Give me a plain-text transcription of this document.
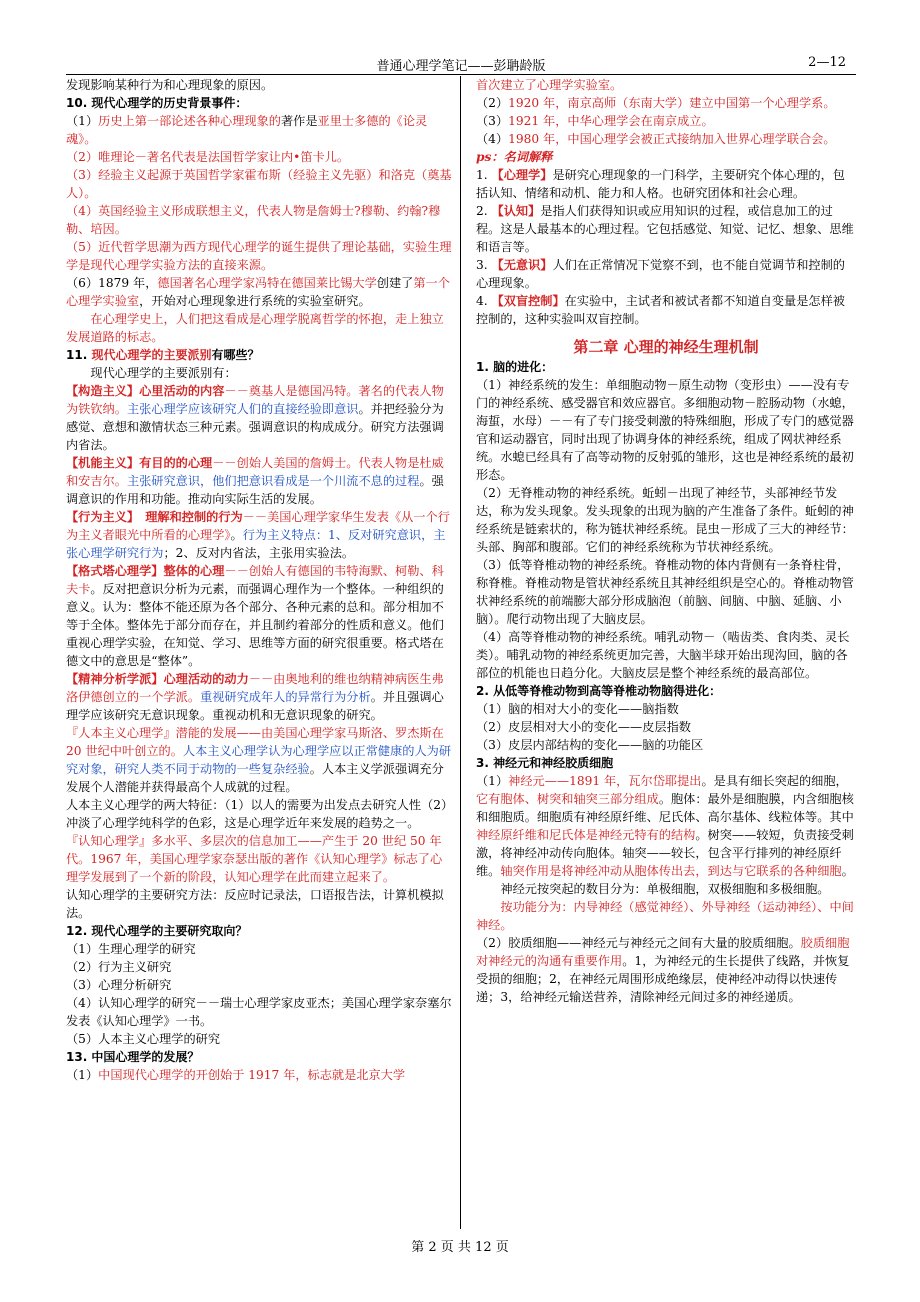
普通心理学笔记——彭聃龄版	2—12

发现影响某种行为和心理现象的原因。

10. 现代心理学的历史背景事件：

（1）历史上第一部论述各种心理现象的著作是亚里士多德的《论灵魂》。

（2）唯理论－著名代表是法国哲学家让内•笛卡儿。

（3）经验主义起源于英国哲学家霍布斯（经验主义先驱）和洛克（奠基人）。

（4）英国经验主义形成联想主义，代表人物是詹姆士?穆勒、约翰?穆勒、培因。

（5）近代哲学思潮为西方现代心理学的诞生提供了理论基础，实验生理学是现代心理学实验方法的直接来源。

（6）1879 年，德国著名心理学家冯特在德国莱比锡大学创建了第一个心理学实验室，开始对心理现象进行系统的实验室研究。

在心理学史上，人们把这看成是心理学脱离哲学的怀抱，走上独立发展道路的标志。

11. 现代心理学的主要派别有哪些？

现代心理学的主要派别有：

【构造主义】心里活动的内容－－奠基人是德国冯特。著名的代表人物为铁钦纳。主张心理学应该研究人们的直接经验即意识。并把经验分为感觉、意想和激情状态三种元素。强调意识的构成成分。研究方法强调内省法。

【机能主义】有目的的心理－－创始人美国的詹姆士。代表人物是杜威和安吉尔。主张研究意识，他们把意识看成是一个川流不息的过程。强调意识的作用和功能。推动向实际生活的发展。

【行为主义】　理解和控制的行为－－美国心理学家华生发表《从一个行为主义者眼光中所看的心理学》。行为主义特点：1、反对研究意识，主张心理学研究行为；2、反对内省法，主张用实验法。

【格式塔心理学】整体的心理－－创始人有德国的韦特海默、柯勒、科夫卡。反对把意识分析为元素，而强调心理作为一个整体。一种组织的意义。认为：整体不能还原为各个部分、各种元素的总和。部分相加不等于全体。整体先于部分而存在，并且制约着部分的性质和意义。他们重视心理学实验，在知觉、学习、思维等方面的研究很重要。格式塔在德文中的意思是“整体”。

【精神分析学派】心理活动的动力－－由奥地利的维也纳精神病医生弗洛伊德创立的一个学派。重视研究成年人的异常行为分析。并且强调心理学应该研究无意识现象。重视动机和无意识现象的研究。

『人本主义心理学』潜能的发展——由美国心理学家马斯洛、罗杰斯在 20 世纪中叶创立的。人本主义心理学认为心理学应以正常健康的人为研究对象，研究人类不同于动物的一些复杂经验。人本主义学派强调充分发展个人潜能并获得最高个人成就的过程。

人本主义心理学的两大特征：（1）以人的需要为出发点去研究人性（2）冲淡了心理学纯科学的色彩，这是心理学近年来发展的趋势之一。

『认知心理学』多水平、多层次的信息加工——产生于 20 世纪 50 年代。1967 年，美国心理学家奈瑟出版的著作《认知心理学》标志了心理学发展到了一个新的阶段，认知心理学在此而建立起来了。

认知心理学的主要研究方法：反应时记录法，口语报告法，计算机模拟法。

12. 现代心理学的主要研究取向？

（1）生理心理学的研究

（2）行为主义研究

（3）心理分析研究

（4）认知心理学的研究－－瑞士心理学家皮亚杰；美国心理学家奈塞尔发表《认知心理学》一书。

（5）人本主义心理学的研究

13. 中国心理学的发展？

（1）中国现代心理学的开创始于 1917 年，标志就是北京大学

首次建立了心理学实验室。

（2）1920 年，南京高师（东南大学）建立中国第一个心理学系。

（3）1921 年，中华心理学会在南京成立。

（4）1980 年，中国心理学会被正式接纳加入世界心理学联合会。

ps：名词解释

1. 【心理学】是研究心理现象的一门科学，主要研究个体心理的，包括认知、情绪和动机、能力和人格。也研究团体和社会心理。

2. 【认知】是指人们获得知识或应用知识的过程，或信息加工的过程。这是人最基本的心理过程。它包括感觉、知觉、记忆、想象、思维和语言等。

3. 【无意识】人们在正常情况下觉察不到，也不能自觉调节和控制的心理现象。

4. 【双盲控制】在实验中，主试者和被试者都不知道自变量是怎样被控制的，这种实验叫双盲控制。

第二章 心理的神经生理机制

1. 脑的进化：

（1）神经系统的发生：单细胞动物－原生动物（变形虫）——没有专门的神经系统、感受器官和效应器官。多细胞动物－腔肠动物（水螅，海蜇，水母）－－有了专门接受刺激的特殊细胞，形成了专门的感觉器官和运动器官，同时出现了协调身体的神经系统，组成了网状神经系统。水螅已经具有了高等动物的反射弧的雏形，这也是神经系统的最初形态。

（2）无脊椎动物的神经系统。蚯蚓－出现了神经节，头部神经节发达，称为发头现象。发头现象的出现为脑的产生准备了条件。蚯蚓的神经系统是链索状的，称为链状神经系统。昆虫－形成了三大的神经节：头部、胸部和腹部。它们的神经系统称为节状神经系统。

（3）低等脊椎动物的神经系统。脊椎动物的体内背侧有一条脊柱骨，称脊椎。脊椎动物是管状神经系统且其神经组织是空心的。脊椎动物管状神经系统的前端膨大部分形成脑泡（前脑、间脑、中脑、延脑、小脑）。爬行动物出现了大脑皮层。

（4）高等脊椎动物的神经系统。哺乳动物－（啮齿类、食肉类、灵长类）。哺乳动物的神经系统更加完善，大脑半球开始出现沟回，脑的各部位的机能也日趋分化。大脑皮层是整个神经系统的最高部位。

2. 从低等脊椎动物到高等脊椎动物脑得进化：

（1）脑的相对大小的变化——脑指数

（2）皮层相对大小的变化——皮层指数

（3）皮层内部结构的变化——脑的功能区

3. 神经元和神经胶质细胞

（1）神经元——1891 年，瓦尔岱耶提出。是具有细长突起的细胞，它有胞体、树突和轴突三部分组成。胞体：最外是细胞膜，内含细胞核和细胞质。细胞质有神经原纤维、尼氏体、高尔基体、线粒体等。其中神经原纤维和尼氏体是神经元特有的结构。树突——较短，负责接受刺激，将神经冲动传向胞体。轴突——较长，包含平行排列的神经原纤维。轴突作用是将神经冲动从胞体传出去，到达与它联系的各种细胞。

神经元按突起的数目分为：单极细胞，双极细胞和多极细胞。

按功能分为：内导神经（感觉神经）、外导神经（运动神经）、中间神经。

（2）胶质细胞——神经元与神经元之间有大量的胶质细胞。胶质细胞对神经元的沟通有重要作用。1，为神经元的生长提供了线路，并恢复受损的细胞；2，在神经元周围形成绝缘层，使神经冲动得以快速传递；3，给神经元输送营养，清除神经元间过多的神经递质。

第 2 页 共 12 页
